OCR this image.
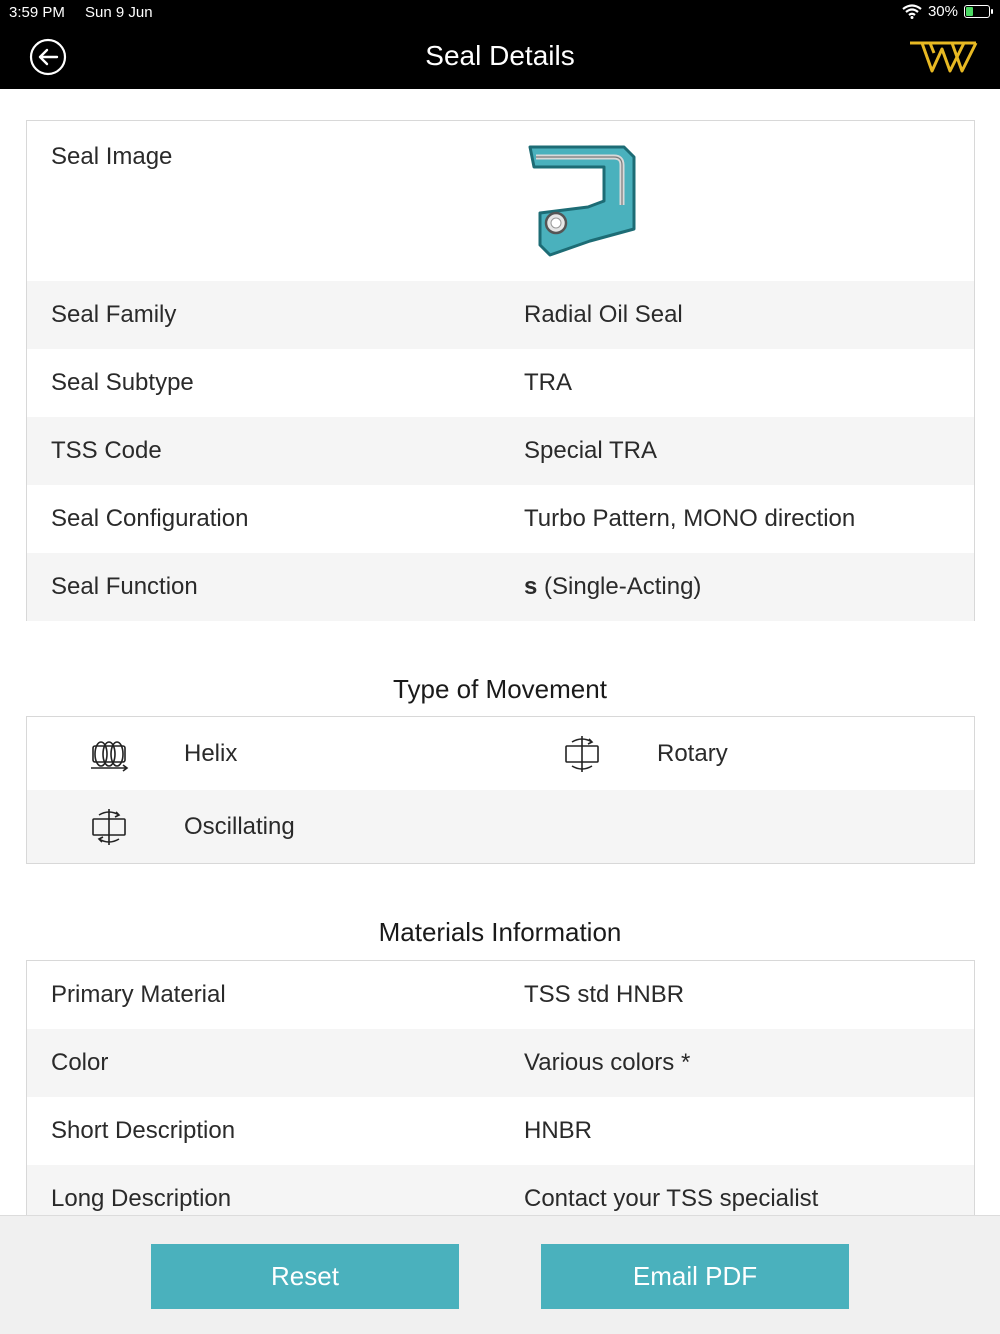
3:59 PM Sun 9 Jun	30%
Seal Details
Seal Image
Seal Family	Radial Oil Seal
Seal Subtype	TRA
TSS Code	Special TRA
Seal Configuration	Turbo Pattern, MONO direction
Seal Function	s (Single-Acting)
Type of Movement
Helix	Rotary
Oscillating
Materials Information
Primary Material	TSS std HNBR
Color	Various colors *
Short Description	HNBR
Long Description	Contact your TSS specialist
Reset	Email PDF
